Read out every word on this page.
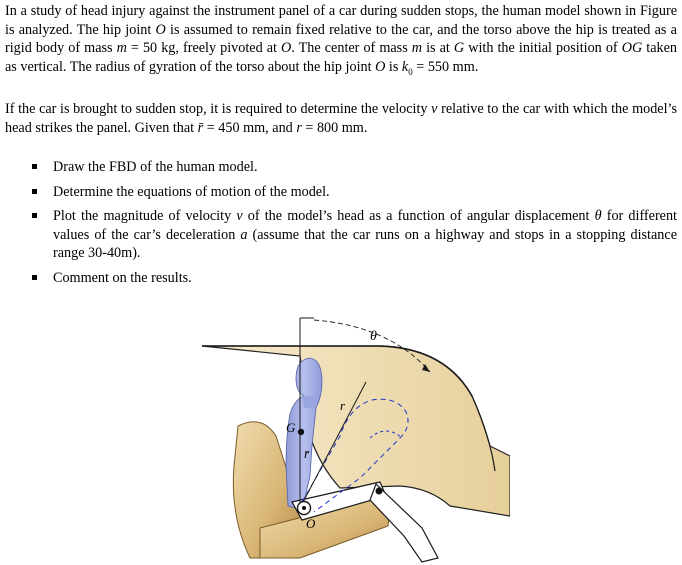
In a study of head injury against the instrument panel of a car during sudden stops, the human model shown in Figure is analyzed. The hip joint O is assumed to remain fixed relative to the car, and the torso above the hip is treated as a rigid body of mass m = 50 kg, freely pivoted at O. The center of mass m is at G with the initial position of OG taken as vertical. The radius of gyration of the torso about the hip joint O is $k_0 = 550$ mm.
If the car is brought to sudden stop, it is required to determine the velocity v relative to the car with which the model’s head strikes the panel. Given that r̄ = 450 mm, and r = 800 mm.
Draw the FBD of the human model.
Determine the equations of motion of the model.
Plot the magnitude of velocity v of the model’s head as a function of angular displacement θ for different values of the car’s deceleration a (assume that the car runs on a highway and stops in a stopping distance range 30-40m).
Comment on the results.
θ
r
G
r̄
O
